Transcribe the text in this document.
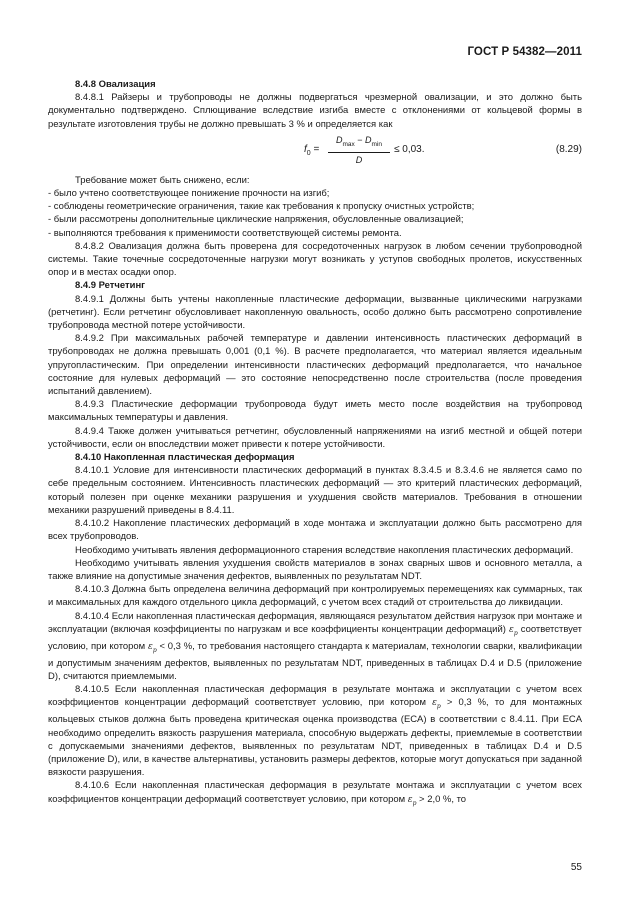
ГОСТ Р 54382—2011

8.4.8 Овализация

8.4.8.1 Райзеры и трубопроводы не должны подвергаться чрезмерной овализации, и это должно быть документально подтверждено. Сплющивание вследствие изгиба вместе с отклонениями от кольцевой формы в результате изготовления трубы не должно превышать 3 % и определяется как

$f_0$ =
$D_{max} - D_{min}$
D
≤ 0,03.	(8.29)

Требование может быть снижено, если:

- было учтено соответствующее понижение прочности на изгиб;

- соблюдены геометрические ограничения, такие как требования к пропуску очистных устройств;

- были рассмотрены дополнительные циклические напряжения, обусловленные овализацией;

- выполняются требования к применимости соответствующей системы ремонта.

8.4.8.2 Овализация должна быть проверена для сосредоточенных нагрузок в любом сечении трубопроводной системы. Такие точечные сосредоточенные нагрузки могут возникать у уступов свободных пролетов, искусственных опор и в местах осадки опор.

8.4.9 Ретчетинг

8.4.9.1 Должны быть учтены накопленные пластические деформации, вызванные циклическими нагрузками (ретчетинг). Если ретчетинг обусловливает накопленную овальность, особо должно быть рассмотрено сопротивление трубопровода местной потере устойчивости.

8.4.9.2 При максимальных рабочей температуре и давлении интенсивность пластических деформаций в трубопроводах не должна превышать 0,001 (0,1 %). В расчете предполагается, что материал является идеальным упругопластическим. При определении интенсивности пластических деформаций предполагается, что начальное состояние для нулевых деформаций — это состояние непосредственно после строительства (после проведения испытаний давлением).

8.4.9.3 Пластические деформации трубопровода будут иметь место после воздействия на трубопровод максимальных температуры и давления.

8.4.9.4 Также должен учитываться ретчетинг, обусловленный напряжениями на изгиб местной и общей потери устойчивости, если он впоследствии может привести к потере устойчивости.

8.4.10 Накопленная пластическая деформация

8.4.10.1 Условие для интенсивности пластических деформаций в пунктах 8.3.4.5 и 8.3.4.6 не является само по себе предельным состоянием. Интенсивность пластических деформаций — это критерий пластических деформаций, который полезен при оценке механики разрушения и ухудшения свойств материалов. Требования в отношении механики разрушений приведены в 8.4.11.

8.4.10.2 Накопление пластических деформаций в ходе монтажа и эксплуатации должно быть рассмотрено для всех трубопроводов.

Необходимо учитывать явления деформационного старения вследствие накопления пластических деформаций.

Необходимо учитывать явления ухудшения свойств материалов в зонах сварных швов и основного металла, а также влияние на допустимые значения дефектов, выявленных по результатам NDT.

8.4.10.3 Должна быть определена величина деформаций при контролируемых перемещениях как суммарных, так и максимальных для каждого отдельного цикла деформаций, с учетом всех стадий от строительства до ликвидации.

8.4.10.4 Если накопленная пластическая деформация, являющаяся результатом действия нагрузок при монтаже и эксплуатации (включая коэффициенты по нагрузкам и все коэффициенты концентрации деформаций) $\varepsilon_p$ соответствует условию, при котором $\varepsilon_p < 0,3$ %, то требования настоящего стандарта к материалам, технологии сварки, квалификации и допустимым значениям дефектов, выявленных по результатам NDT, приведенных в таблицах D.4 и D.5 (приложение D), считаются приемлемыми.

8.4.10.5 Если накопленная пластическая деформация в результате монтажа и эксплуатации с учетом всех коэффициентов концентрации деформаций соответствует условию, при котором $\varepsilon_p > 0,3$ %, то для монтажных кольцевых стыков должна быть проведена критическая оценка производства (ECA) в соответствии с 8.4.11. При ECA необходимо определить вязкость разрушения материала, способную выдержать дефекты, приемлемые в соответствии с допускаемыми значениями дефектов, выявленных по результатам NDT, приведенных в таблицах D.4 и D.5 (приложение D), или, в качестве альтернативы, установить размеры дефектов, которые могут допускаться при заданной вязкости разрушения.

8.4.10.6 Если накопленная пластическая деформация в результате монтажа и эксплуатации с учетом всех коэффициентов концентрации деформаций соответствует условию, при котором $\varepsilon_p > 2,0$ %, то

55
